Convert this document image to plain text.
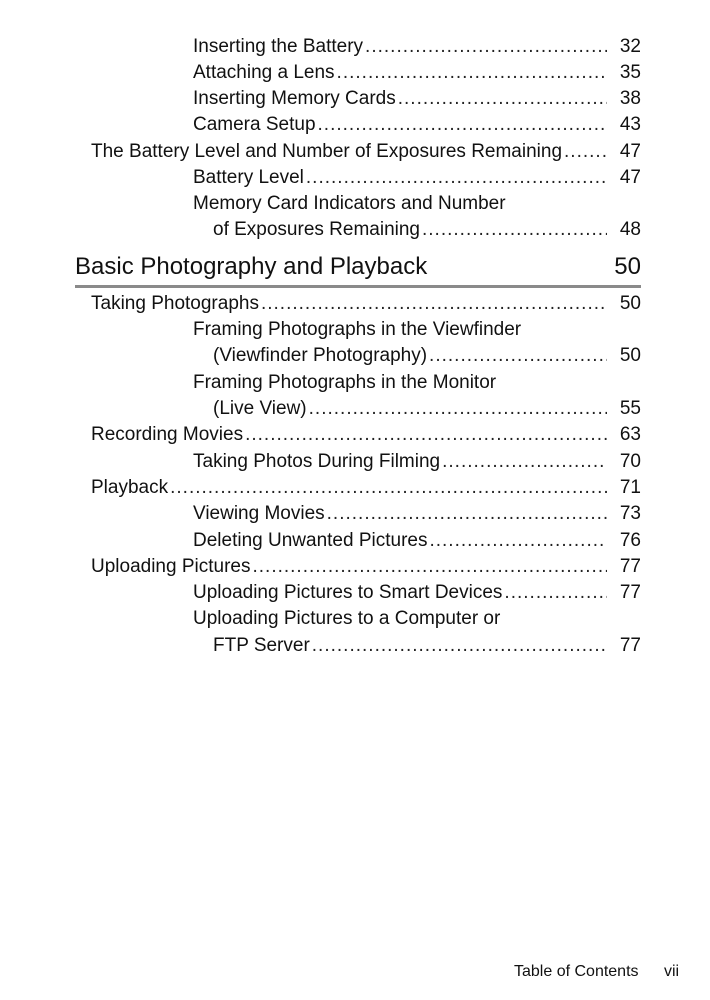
Inserting the Battery .....	32
Attaching a Lens .....	35
Inserting Memory Cards .....	38
Camera Setup .....	43
The Battery Level and Number of Exposures Remaining .....	47
Battery Level .....	47
Memory Card Indicators and Number
of Exposures Remaining .....	48
Basic Photography and Playback	50
Taking Photographs .....	50
Framing Photographs in the Viewfinder
(Viewfinder Photography) .....	50
Framing Photographs in the Monitor
(Live View) .....	55
Recording Movies .....	63
Taking Photos During Filming .....	70
Playback .....	71
Viewing Movies .....	73
Deleting Unwanted Pictures .....	76
Uploading Pictures .....	77
Uploading Pictures to Smart Devices .....	77
Uploading Pictures to a Computer or
FTP Server .....	77
Table of Contents vii
